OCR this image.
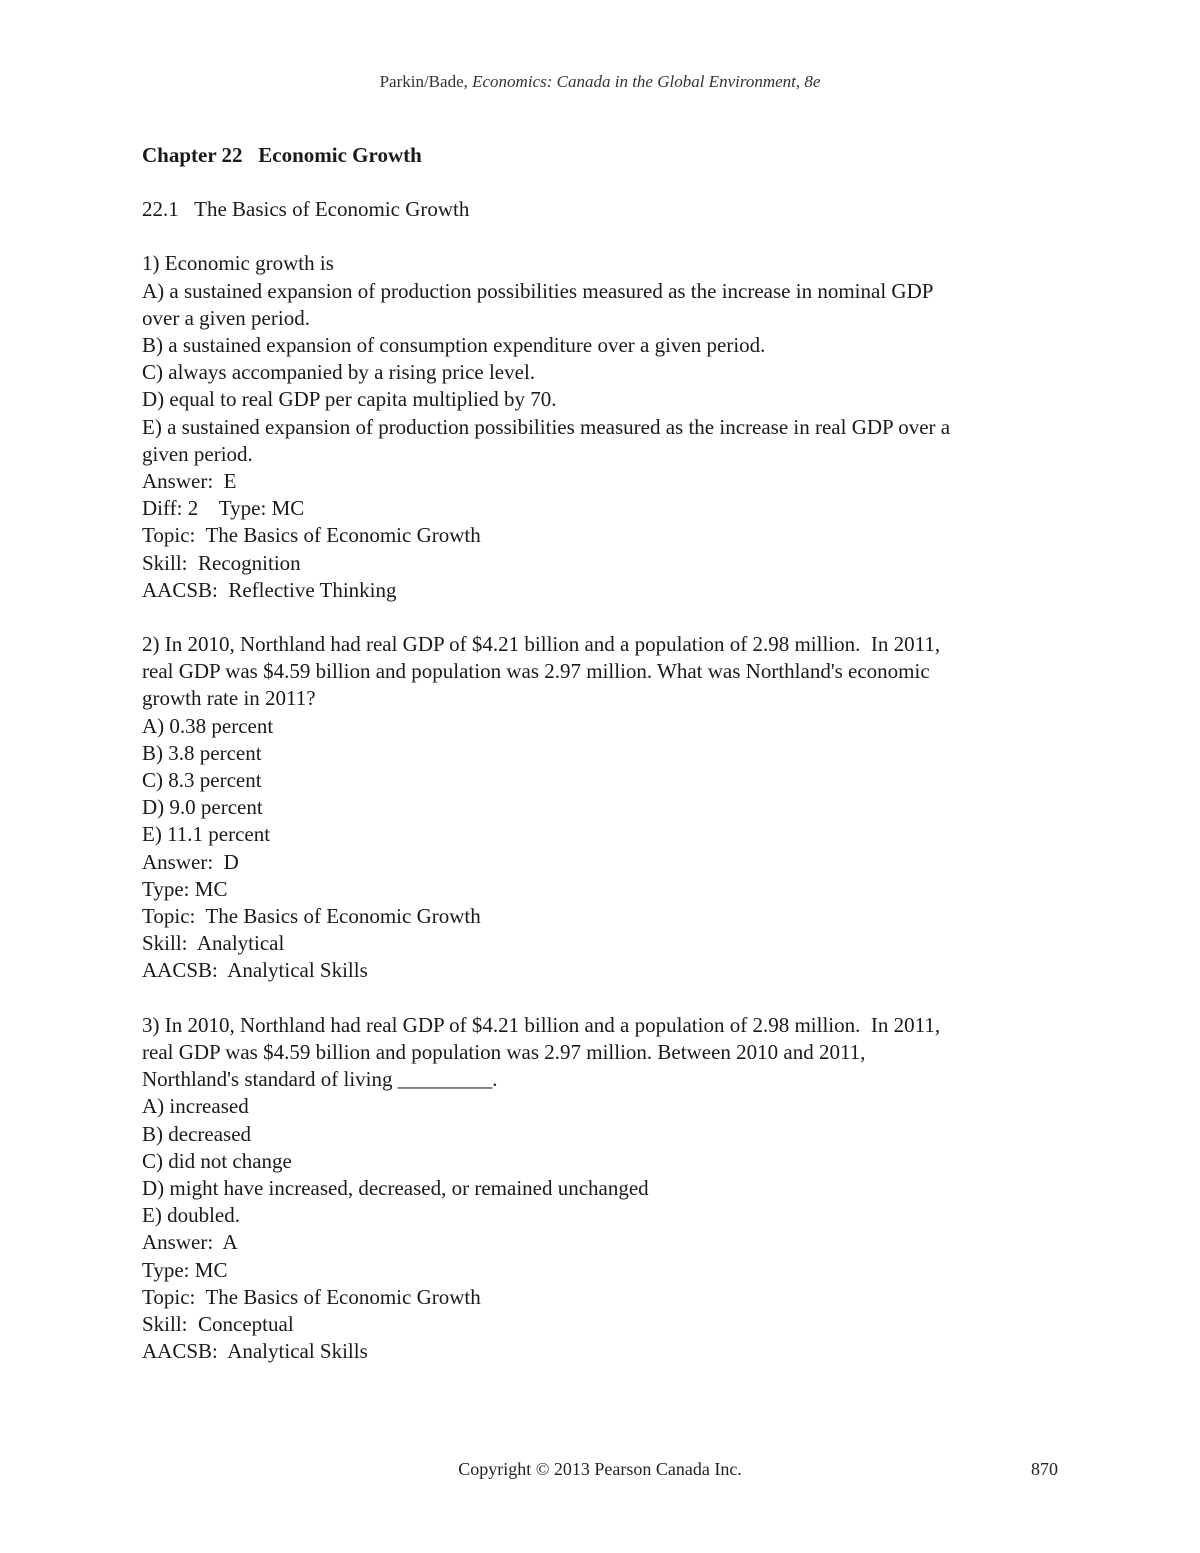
Parkin/Bade, Economics: Canada in the Global Environment, 8e
Chapter 22   Economic Growth
22.1   The Basics of Economic Growth
1) Economic growth is
A) a sustained expansion of production possibilities measured as the increase in nominal GDP
over a given period.
B) a sustained expansion of consumption expenditure over a given period.
C) always accompanied by a rising price level.
D) equal to real GDP per capita multiplied by 70.
E) a sustained expansion of production possibilities measured as the increase in real GDP over a
given period.
Answer:  E
Diff: 2    Type: MC
Topic:  The Basics of Economic Growth
Skill:  Recognition
AACSB:  Reflective Thinking
2) In 2010, Northland had real GDP of $4.21 billion and a population of 2.98 million.  In 2011,
real GDP was $4.59 billion and population was 2.97 million. What was Northland's economic
growth rate in 2011?
A) 0.38 percent
B) 3.8 percent
C) 8.3 percent
D) 9.0 percent
E) 11.1 percent
Answer:  D
Type: MC
Topic:  The Basics of Economic Growth
Skill:  Analytical
AACSB:  Analytical Skills
3) In 2010, Northland had real GDP of $4.21 billion and a population of 2.98 million.  In 2011,
real GDP was $4.59 billion and population was 2.97 million. Between 2010 and 2011,
Northland's standard of living _________.
A) increased
B) decreased
C) did not change
D) might have increased, decreased, or remained unchanged
E) doubled.
Answer:  A
Type: MC
Topic:  The Basics of Economic Growth
Skill:  Conceptual
AACSB:  Analytical Skills
Copyright © 2013 Pearson Canada Inc.	870
